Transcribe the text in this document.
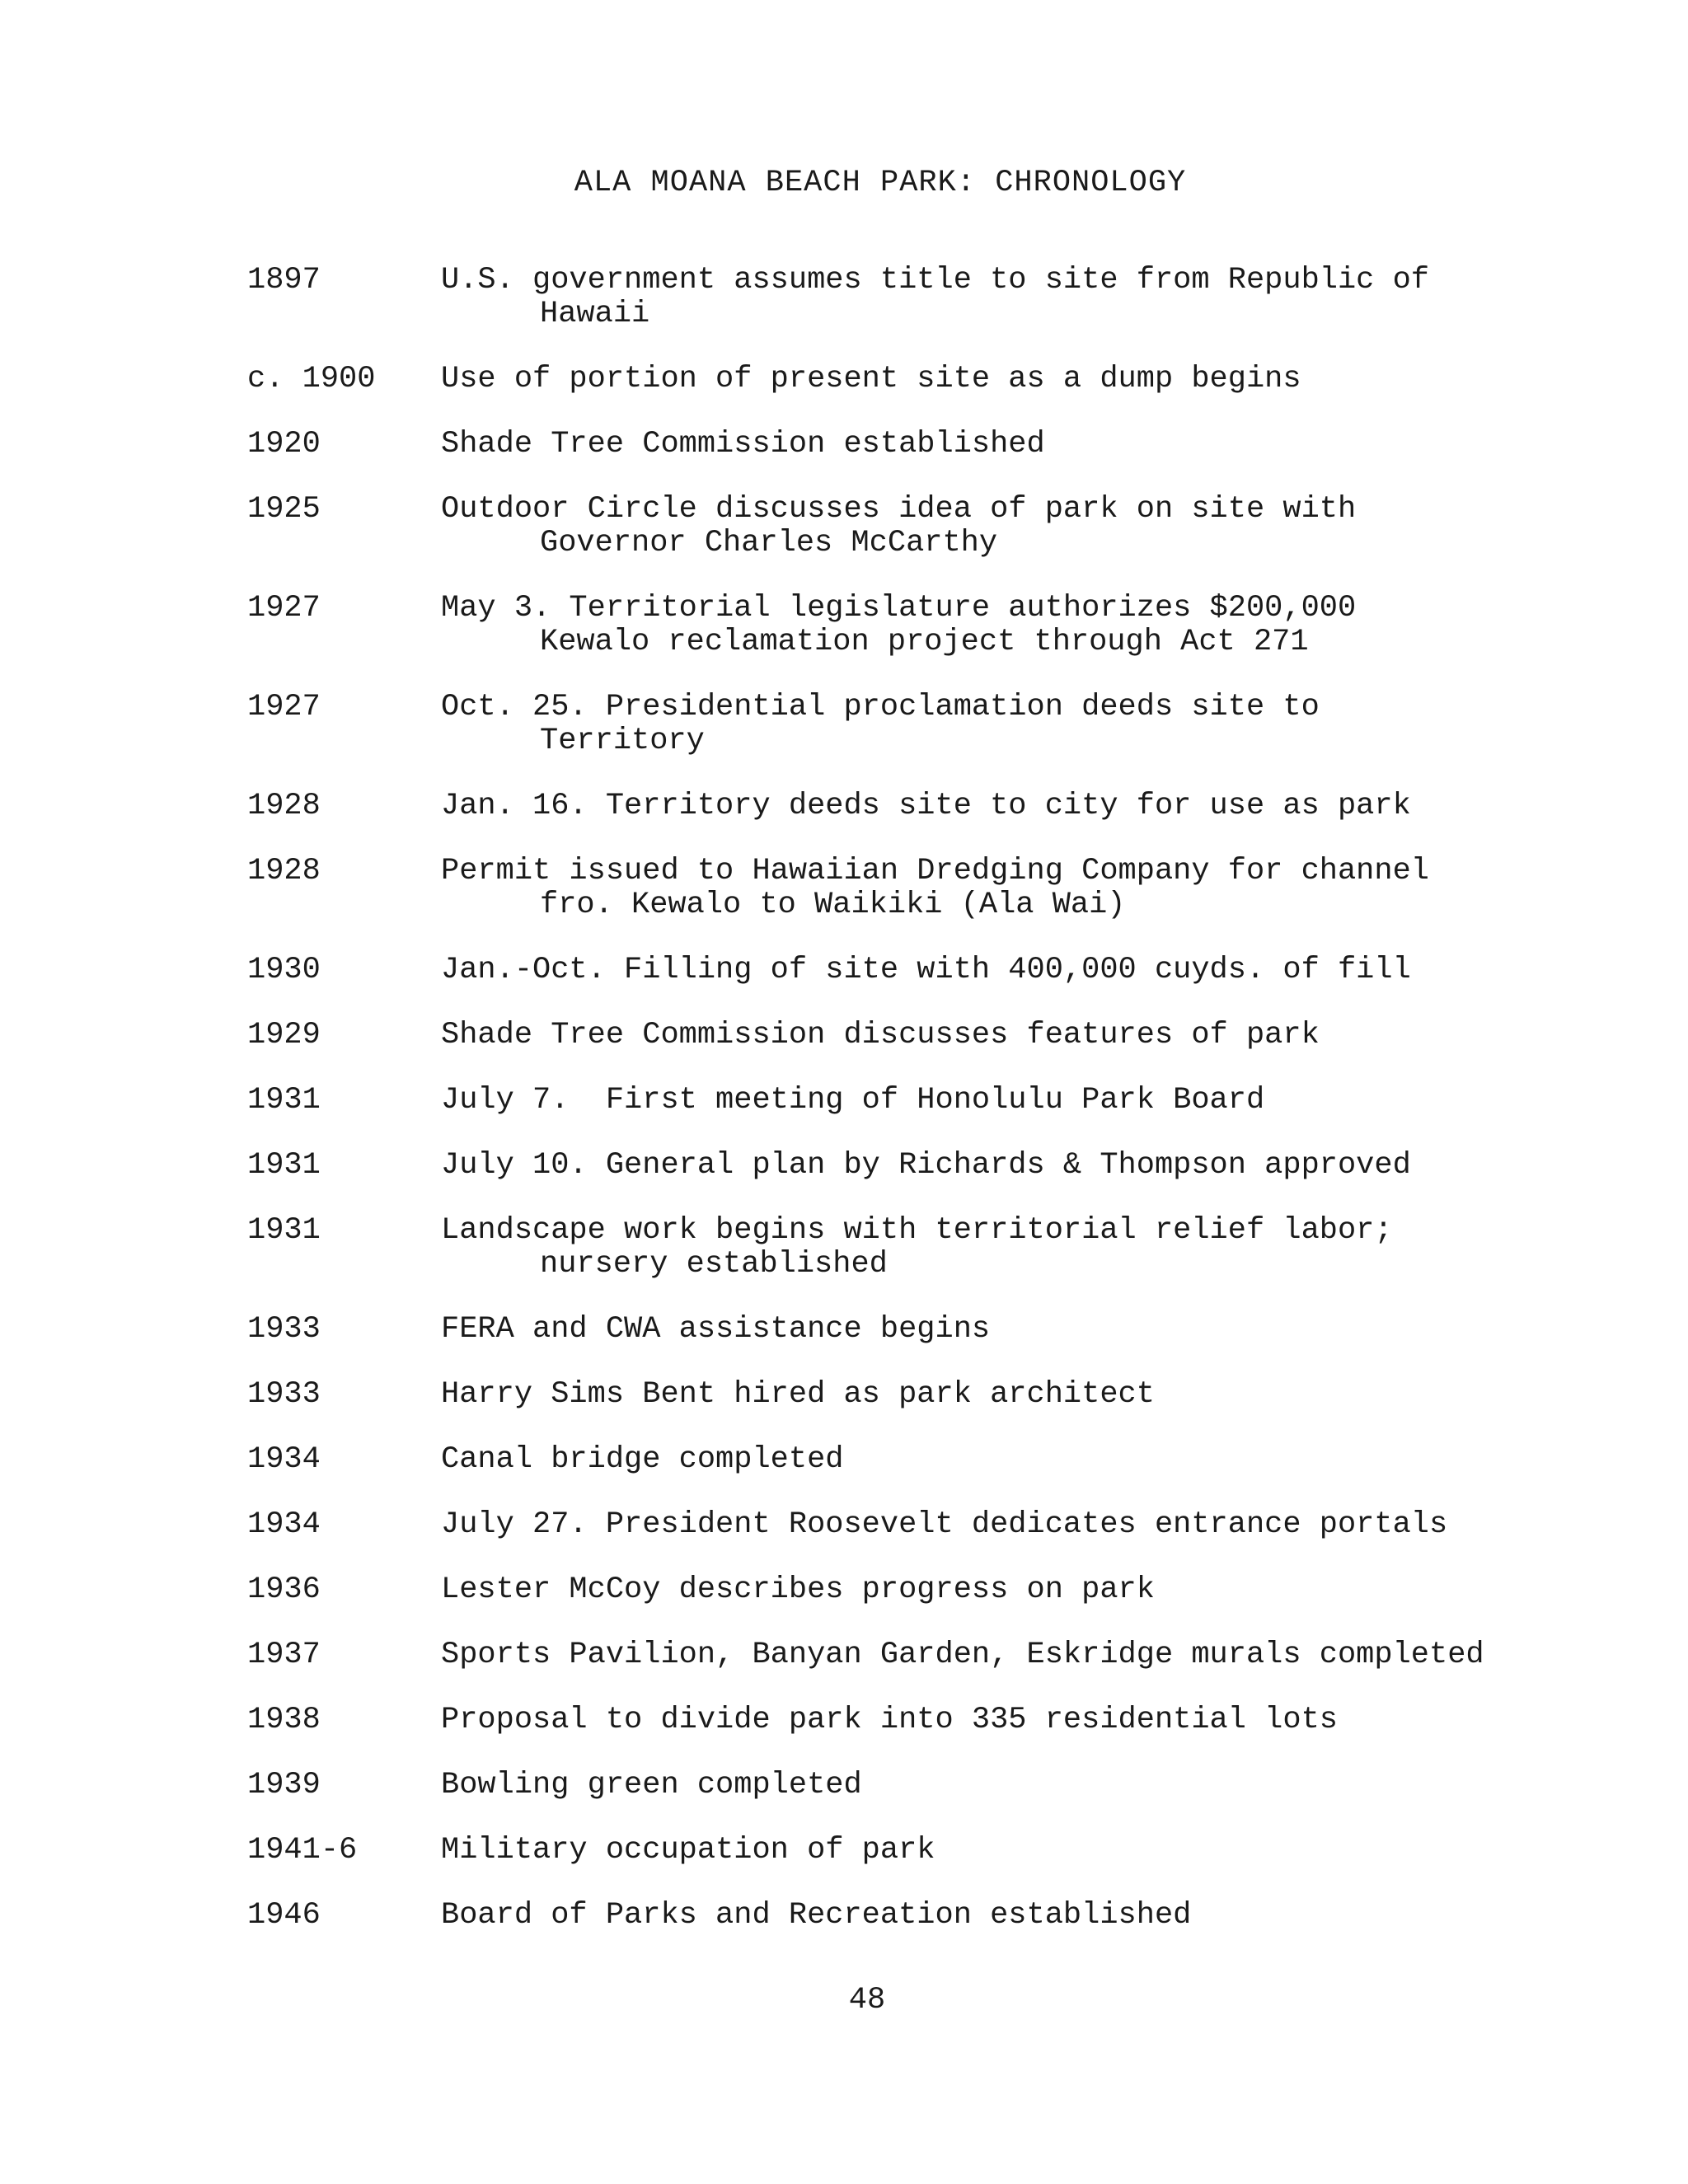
ALA MOANA BEACH PARK: CHRONOLOGY
1897	U.S. government assumes title to site from Republic of
Hawaii
c. 1900	Use of portion of present site as a dump begins
1920	Shade Tree Commission established
1925	Outdoor Circle discusses idea of park on site with
Governor Charles McCarthy
1927	May 3. Territorial legislature authorizes $200,000
Kewalo reclamation project through Act 271
1927	Oct. 25. Presidential proclamation deeds site to
Territory
1928	Jan. 16. Territory deeds site to city for use as park
1928	Permit issued to Hawaiian Dredging Company for channel
fro. Kewalo to Waikiki (Ala Wai)
1930	Jan.-Oct. Filling of site with 400,000 cuyds. of fill
1929	Shade Tree Commission discusses features of park
1931	July 7.  First meeting of Honolulu Park Board
1931	July 10. General plan by Richards & Thompson approved
1931	Landscape work begins with territorial relief labor;
nursery established
1933	FERA and CWA assistance begins
1933	Harry Sims Bent hired as park architect
1934	Canal bridge completed
1934	July 27. President Roosevelt dedicates entrance portals
1936	Lester McCoy describes progress on park
1937	Sports Pavilion, Banyan Garden, Eskridge murals completed
1938	Proposal to divide park into 335 residential lots
1939	Bowling green completed
1941-6	Military occupation of park
1946	Board of Parks and Recreation established
48
